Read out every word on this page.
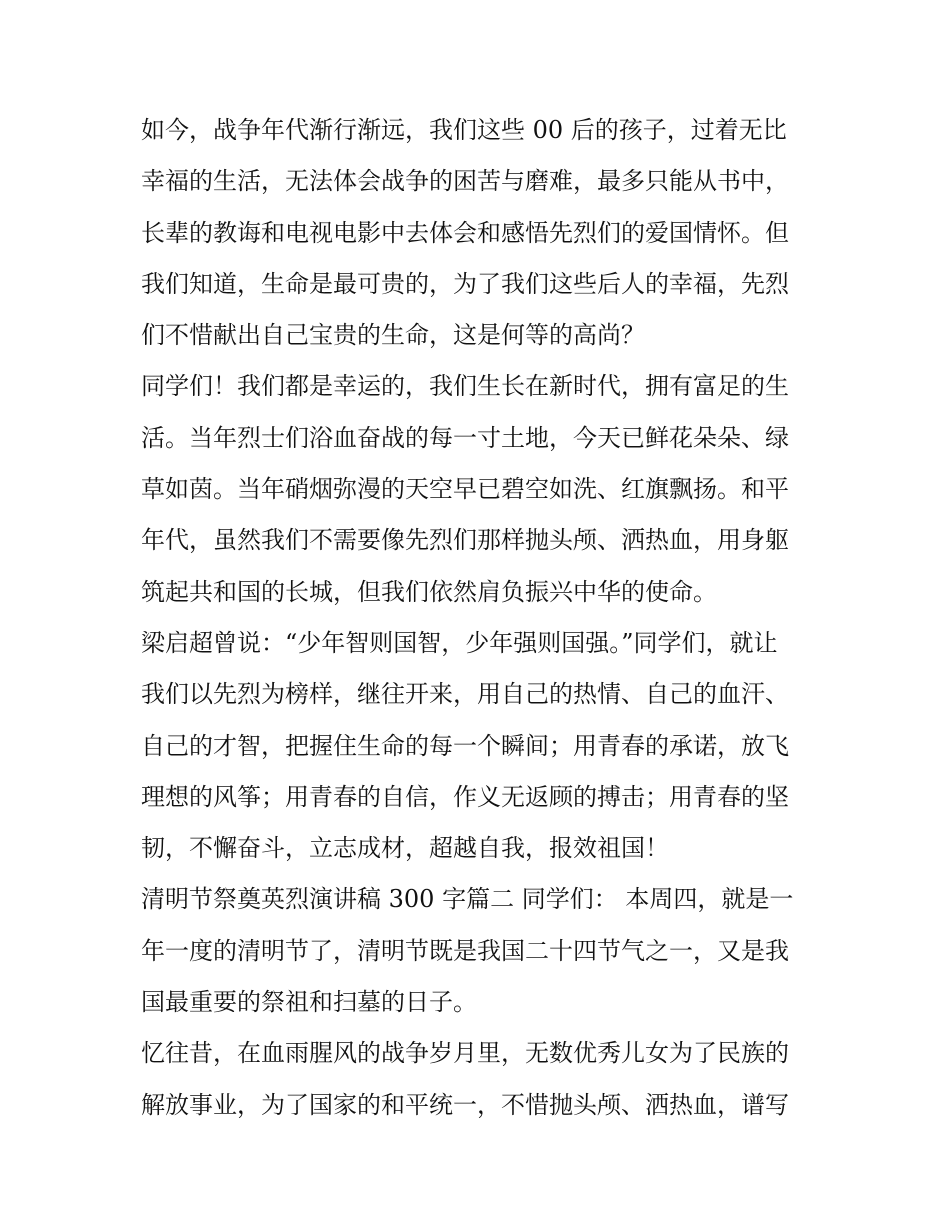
如今，战争年代渐行渐远，我们这些 00 后的孩子，过着无比

幸福的生活，无法体会战争的困苦与磨难，最多只能从书中，

长辈的教诲和电视电影中去体会和感悟先烈们的爱国情怀。但

我们知道，生命是最可贵的，为了我们这些后人的幸福，先烈

们不惜献出自己宝贵的生命，这是何等的高尚？

同学们！我们都是幸运的，我们生长在新时代，拥有富足的生

活。当年烈士们浴血奋战的每一寸土地，今天已鲜花朵朵、绿

草如茵。当年硝烟弥漫的天空早已碧空如洗、红旗飘扬。和平

年代，虽然我们不需要像先烈们那样抛头颅、洒热血，用身躯

筑起共和国的长城，但我们依然肩负振兴中华的使命。

梁启超曾说：“少年智则国智，少年强则国强。”同学们，就让

我们以先烈为榜样，继往开来，用自己的热情、自己的血汗、

自己的才智，把握住生命的每一个瞬间；用青春的承诺，放飞

理想的风筝；用青春的自信，作义无返顾的搏击；用青春的坚

韧，不懈奋斗，立志成材，超越自我，报效祖国！

清明节祭奠英烈演讲稿 300 字篇二 同学们： 本周四，就是一

年一度的清明节了，清明节既是我国二十四节气之一，又是我

国最重要的祭祖和扫墓的日子。

忆往昔，在血雨腥风的战争岁月里，无数优秀儿女为了民族的

解放事业，为了国家的和平统一，不惜抛头颅、洒热血，谱写
